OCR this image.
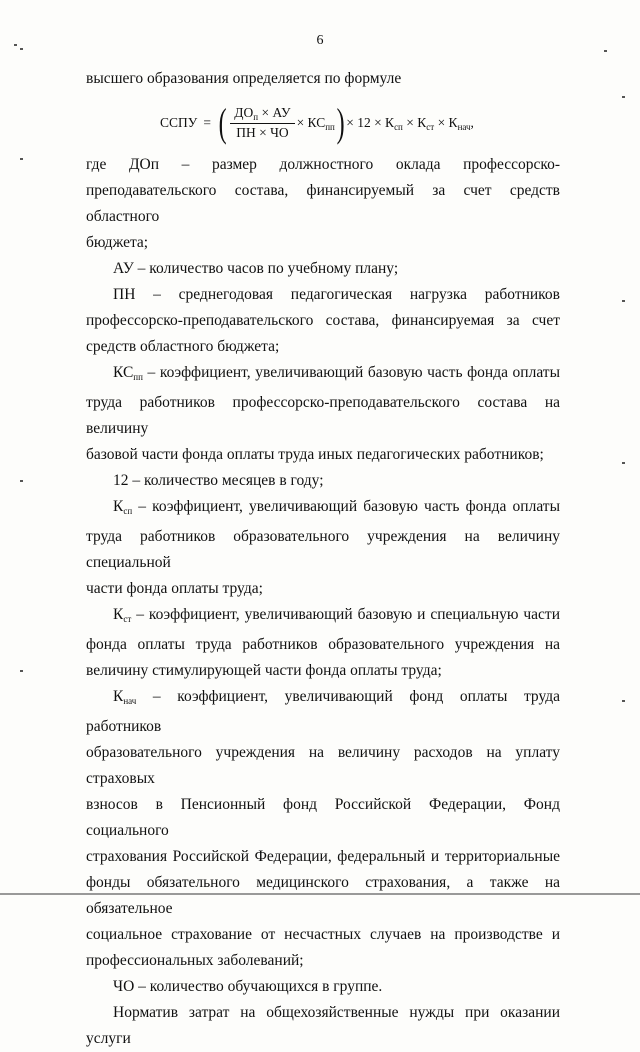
6

высшего образования определяется по формуле

ССПУ = ( $\frac{ДО_п \times АУ}{ПН \times ЧО} \times КС_{пп}$ ) × $12 \times К_{сп} \times К_{ст} \times К_{нач}$,

где ДОп – размер должностного оклада профессорско-

преподавательского состава, финансируемый за счет средств областного

бюджета;

АУ – количество часов по учебному плану;

ПН – среднегодовая педагогическая нагрузка работников

профессорско-преподавательского состава, финансируемая за счет

средств областного бюджета;

$КС_{пп}$ – коэффициент, увеличивающий базовую часть фонда оплаты

труда работников профессорско-преподавательского состава на величину

базовой части фонда оплаты труда иных педагогических работников;

12 – количество месяцев в году;

$К_{сп}$ – коэффициент, увеличивающий базовую часть фонда оплаты

труда работников образовательного учреждения на величину специальной

части фонда оплаты труда;

$К_{ст}$ – коэффициент, увеличивающий базовую и специальную части

фонда оплаты труда работников образовательного учреждения на

величину стимулирующей части фонда оплаты труда;

$К_{нач}$ – коэффициент, увеличивающий фонд оплаты труда работников

образовательного учреждения на величину расходов на уплату страховых

взносов в Пенсионный фонд Российской Федерации, Фонд социального

страхования Российской Федерации, федеральный и территориальные

фонды обязательного медицинского страхования, а также на обязательное

социальное страхование от несчастных случаев на производстве и

профессиональных заболеваний;

ЧО – количество обучающихся в группе.

Норматив затрат на общехозяйственные нужды при оказании услуги
